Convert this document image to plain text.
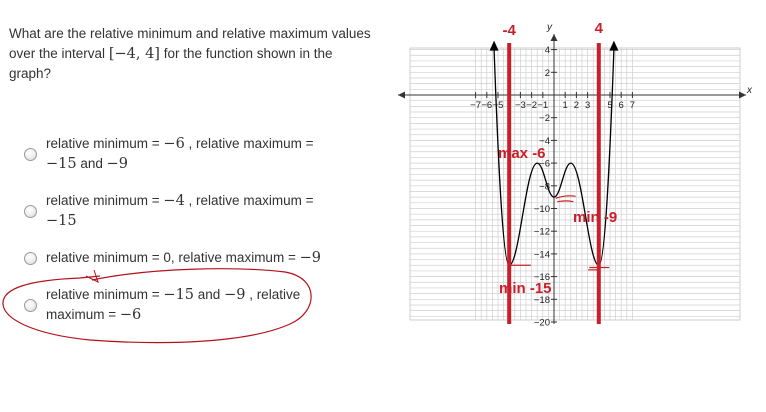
What are the relative minimum and relative maximum values over the interval [−4, 4] for the function shown in the graph?
relative minimum = −6 , relative maximum = −15 and −9
relative minimum = −4 , relative maximum = −15
relative minimum = 0, relative maximum = −9
relative minimum = −15 and −9 , relative maximum = −6
−7 −6 −5 −3 −2 −1 1 2 3 5 6 7
4
2
−2
−4
−6
−8
−10
−12
−14
−16
−18
−20
-4	4
max -6
min -9
min -15
x
y
